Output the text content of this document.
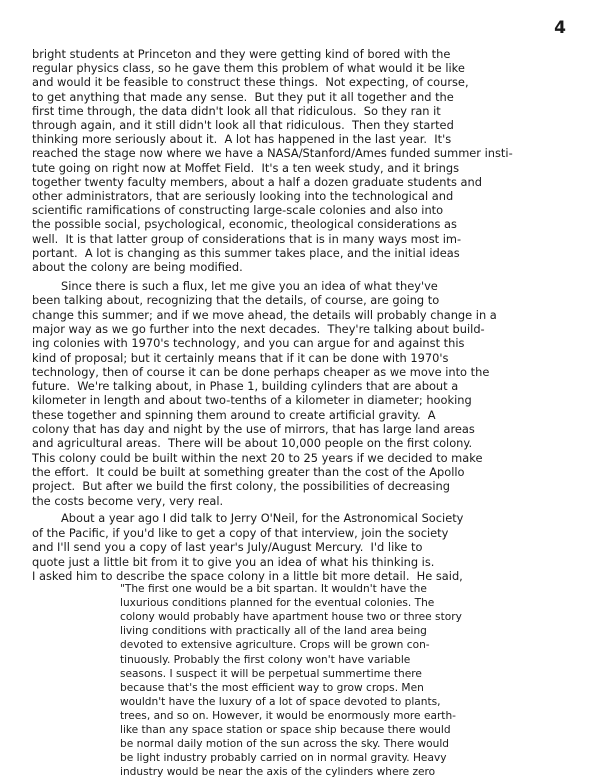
4
bright students at Princeton and they were getting kind of bored with the
regular physics class, so he gave them this problem of what would it be like
and would it be feasible to construct these things.  Not expecting, of course,
to get anything that made any sense.  But they put it all together and the
first time through, the data didn't look all that ridiculous.  So they ran it
through again, and it still didn't look all that ridiculous.  Then they started
thinking more seriously about it.  A lot has happened in the last year.  It's
reached the stage now where we have a NASA/Stanford/Ames funded summer insti-
tute going on right now at Moffet Field.  It's a ten week study, and it brings
together twenty faculty members, about a half a dozen graduate students and
other administrators, that are seriously looking into the technological and
scientific ramifications of constructing large-scale colonies and also into
the possible social, psychological, economic, theological considerations as
well.  It is that latter group of considerations that is in many ways most im-
portant.  A lot is changing as this summer takes place, and the initial ideas
about the colony are being modified.
Since there is such a flux, let me give you an idea of what they've
been talking about, recognizing that the details, of course, are going to
change this summer; and if we move ahead, the details will probably change in a
major way as we go further into the next decades.  They're talking about build-
ing colonies with 1970's technology, and you can argue for and against this
kind of proposal; but it certainly means that if it can be done with 1970's
technology, then of course it can be done perhaps cheaper as we move into the
future.  We're talking about, in Phase 1, building cylinders that are about a
kilometer in length and about two-tenths of a kilometer in diameter; hooking
these together and spinning them around to create artificial gravity.  A
colony that has day and night by the use of mirrors, that has large land areas
and agricultural areas.  There will be about 10,000 people on the first colony.
This colony could be built within the next 20 to 25 years if we decided to make
the effort.  It could be built at something greater than the cost of the Apollo
project.  But after we build the first colony, the possibilities of decreasing
the costs become very, very real.
About a year ago I did talk to Jerry O'Neil, for the Astronomical Society
of the Pacific, if you'd like to get a copy of that interview, join the society
and I'll send you a copy of last year's July/August Mercury.  I'd like to
quote just a little bit from it to give you an idea of what his thinking is.
I asked him to describe the space colony in a little bit more detail.  He said,
"The first one would be a bit spartan. It wouldn't have the
luxurious conditions planned for the eventual colonies. The
colony would probably have apartment house two or three story
living conditions with practically all of the land area being
devoted to extensive agriculture. Crops will be grown con-
tinuously. Probably the first colony won't have variable
seasons. I suspect it will be perpetual summertime there
because that's the most efficient way to grow crops. Men
wouldn't have the luxury of a lot of space devoted to plants,
trees, and so on. However, it would be enormously more earth-
like than any space station or space ship because there would
be normal daily motion of the sun across the sky. There would
be light industry probably carried on in normal gravity. Heavy
industry would be near the axis of the cylinders where zero
